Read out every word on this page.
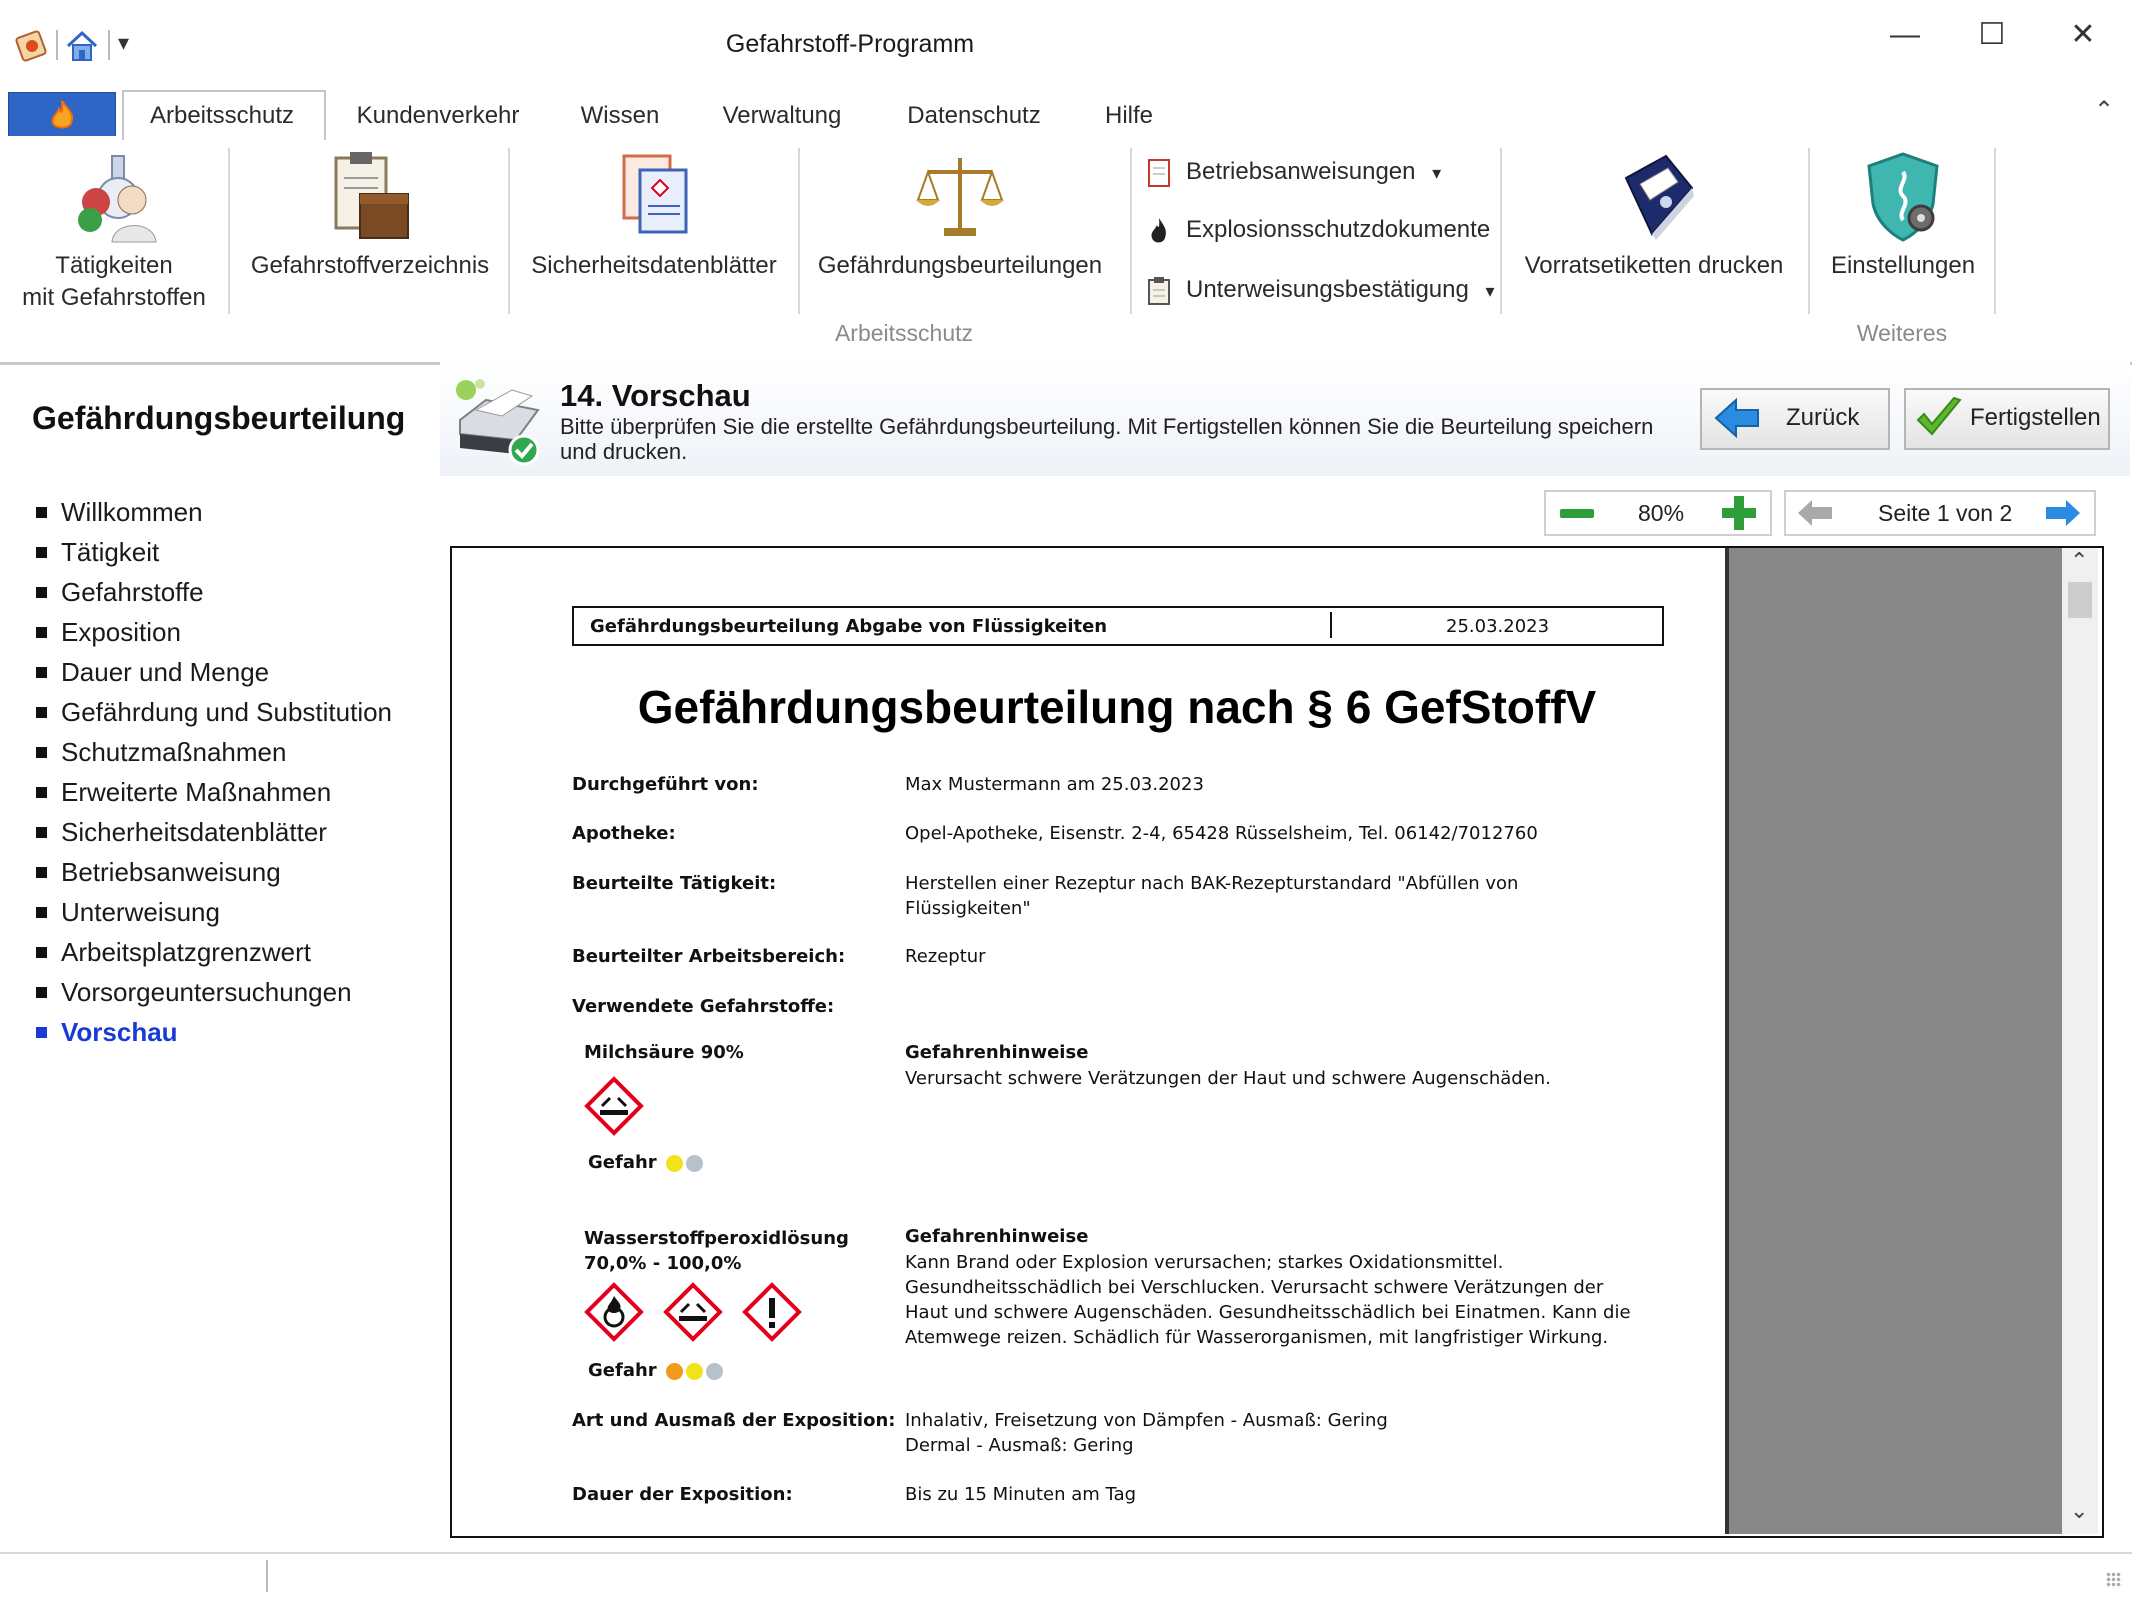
▾	Gefahrstoff-Programm	—	☐	✕
Arbeitsschutz	Kundenverkehr	Wissen	Verwaltung	Datenschutz	Hilfe	⌃
Tätigkeiten
mit Gefahrstoffen
Gefahrstoffverzeichnis	Sicherheitsdatenblätter	Gefährdungsbeurteilungen
Betriebsanweisungen ▾
Explosionsschutzdokumente
Unterweisungsbestätigung ▾
Vorratsetiketten drucken	Einstellungen
Arbeitsschutz	Weiteres
Gefährdungsbeurteilung
Willkommen
Tätigkeit
Gefahrstoffe
Exposition
Dauer und Menge
Gefährdung und Substitution
Schutzmaßnahmen
Erweiterte Maßnahmen
Sicherheitsdatenblätter
Betriebsanweisung
Unterweisung
Arbeitsplatzgrenzwert
Vorsorgeuntersuchungen
Vorschau
14. Vorschau
Bitte überprüfen Sie die erstellte Gefährdungsbeurteilung. Mit Fertigstellen können Sie die Beurteilung speichern und drucken.
Zurück	Fertigstellen
80%	Seite 1 von 2
⌃
⌄
Gefährdungsbeurteilung Abgabe von Flüssigkeiten	25.03.2023
Gefährdungsbeurteilung nach § 6 GefStoffV
Durchgeführt von:	Max Mustermann am 25.03.2023
Apotheke:	Opel-Apotheke, Eisenstr. 2-4, 65428 Rüsselsheim, Tel. 06142/7012760
Beurteilte Tätigkeit:	Herstellen einer Rezeptur nach BAK-Rezepturstandard "Abfüllen von Flüssigkeiten"
Beurteilter Arbeitsbereich:	Rezeptur
Verwendete Gefahrstoffe:
Milchsäure 90%
Gefahr
Gefahrenhinweise
Verursacht schwere Verätzungen der Haut und schwere Augenschäden.
Wasserstoffperoxidlösung 70,0% - 100,0%
Gefahr
Gefahrenhinweise
Kann Brand oder Explosion verursachen; starkes Oxidationsmittel. Gesundheitsschädlich bei Verschlucken. Verursacht schwere Verätzungen der Haut und schwere Augenschäden. Gesundheitsschädlich bei Einatmen. Kann die Atemwege reizen. Schädlich für Wasserorganismen, mit langfristiger Wirkung.
Art und Ausmaß der Exposition: Inhalativ, Freisetzung von Dämpfen - Ausmaß: Gering
Dermal - Ausmaß: Gering
Dauer der Exposition:	Bis zu 15 Minuten am Tag
